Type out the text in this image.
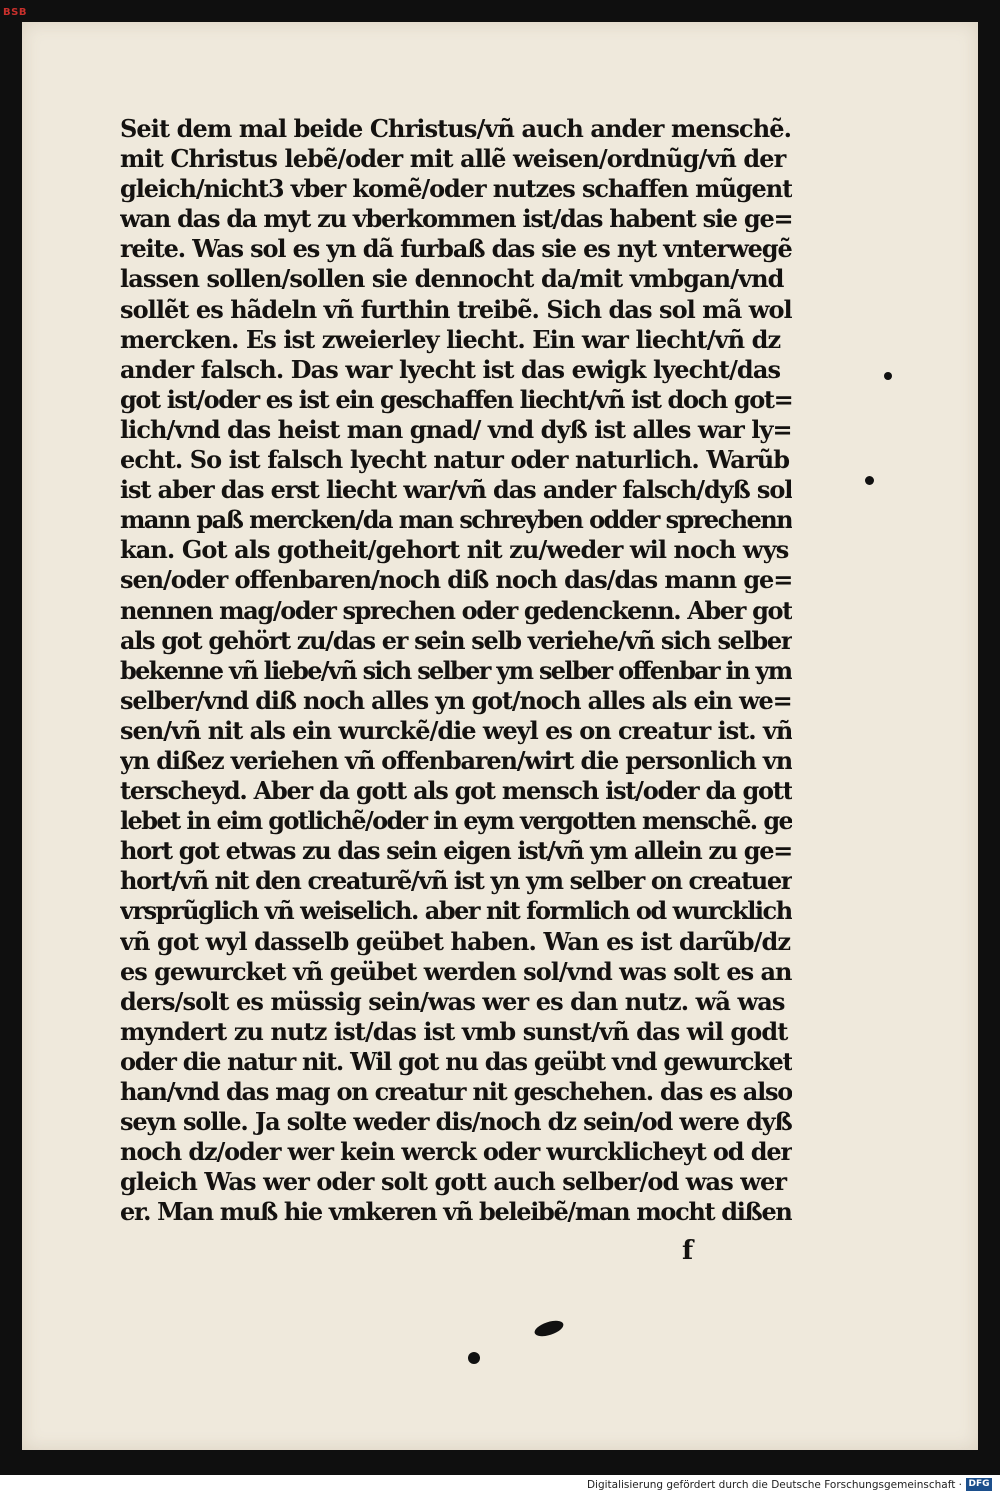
BSB
Seit dem mal beide Christus/vñ auch ander menschẽ.
mit Christus lebẽ/oder mit allẽ weisen/ordnũg/vñ der
gleich/nicht3 vber komẽ/oder nutzes schaffen mũgent
wan das da myt zu vberkommen ist/das habent sie ge=
reite. Was sol es yn dã furbaß das sie es nyt vnterwegẽ
lassen sollen/sollen sie dennocht da/mit vmbgan/vnd
sollẽt es hãdeln vñ furthin treibẽ. Sich das sol mã wol
mercken. Es ist zweierley liecht. Ein war liecht/vñ dz
ander falsch. Das war lyecht ist das ewigk lyecht/das
got ist/oder es ist ein geschaffen liecht/vñ ist doch got=
lich/vnd das heist man gnad/ vnd dyß ist alles war ly=
echt. So ist falsch lyecht natur oder naturlich. Warũb
ist aber das erst liecht war/vñ das ander falsch/dyß sol
mann paß mercken/da man schreyben odder sprechenn
kan. Got als gotheit/gehort nit zu/weder wil noch wys
sen/oder offenbaren/noch diß noch das/das mann ge=
nennen mag/oder sprechen oder gedenckenn. Aber got
als got gehört zu/das er sein selb veriehe/vñ sich selber
bekenne vñ liebe/vñ sich selber ym selber offenbar in ym
selber/vnd diß noch alles yn got/noch alles als ein we=
sen/vñ nit als ein wurckẽ/die weyl es on creatur ist. vñ
yn dißez veriehen vñ offenbaren/wirt die personlich vn
terscheyd. Aber da gott als got mensch ist/oder da gott
lebet in eim gotlichẽ/oder in eym vergotten menschẽ. ge
hort got etwas zu das sein eigen ist/vñ ym allein zu ge=
hort/vñ nit den creaturẽ/vñ ist yn ym selber on creatuer
vrsprũglich vñ weiselich. aber nit formlich od wurcklich
vñ got wyl dasselb geübet haben. Wan es ist darũb/dz
es gewurcket vñ geübet werden sol/vnd was solt es an
ders/solt es müssig sein/was wer es dan nutz. wã was
myndert zu nutz ist/das ist vmb sunst/vñ das wil godt
oder die natur nit. Wil got nu das geübt vnd gewurcket
han/vnd das mag on creatur nit geschehen. das es also
seyn solle. Ja solte weder dis/noch dz sein/od were dyß
noch dz/oder wer kein werck oder wurcklicheyt od der
gleich Was wer oder solt gott auch selber/od was wer
er. Man muß hie vmkeren vñ beleibẽ/man mocht dißen
f
Digitalisierung gefördert durch die Deutsche Forschungsgemeinschaft · DFG
